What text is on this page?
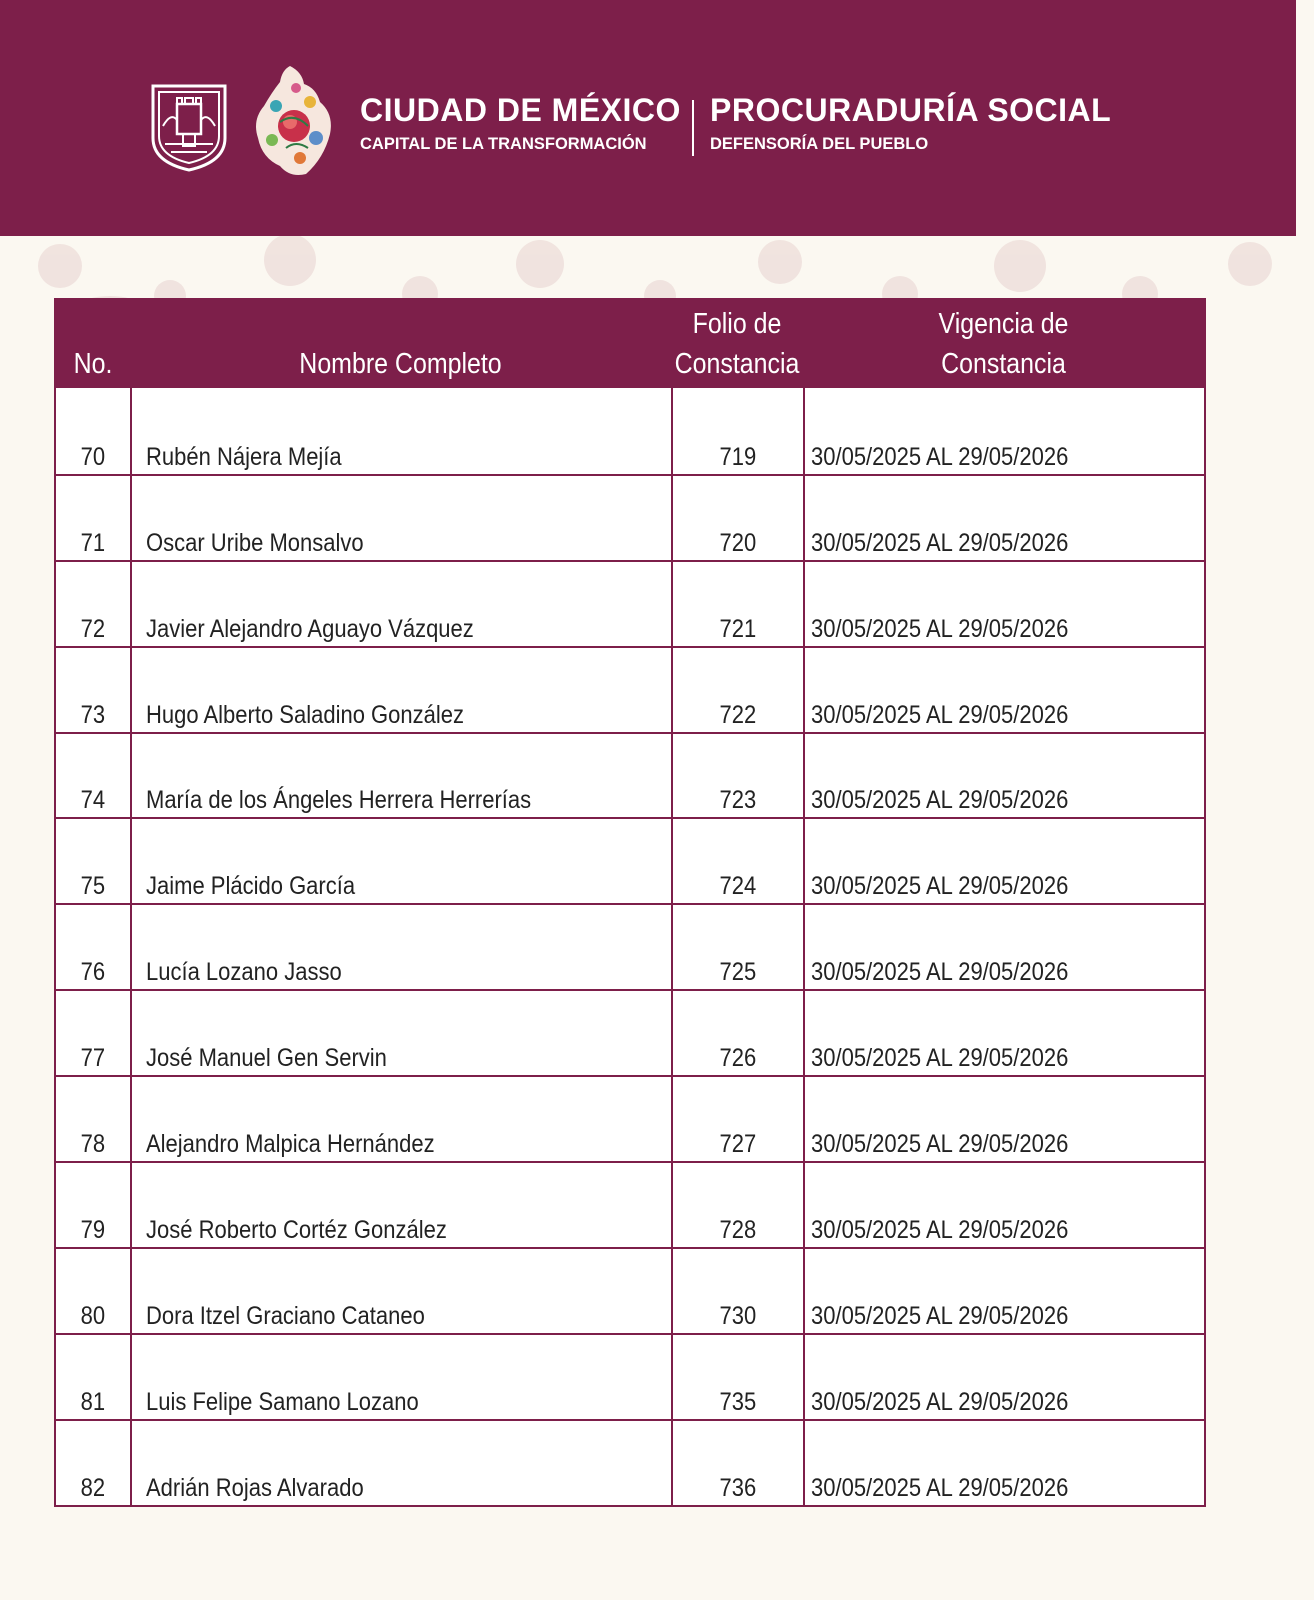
CIUDAD DE MÉXICO
CAPITAL DE LA TRANSFORMACIÓN
PROCURADURÍA SOCIAL
DEFENSORÍA DEL PUEBLO
No.	Nombre Completo
Folio de
Constancia
Vigencia de
Constancia
70 Rubén Nájera Mejía	719 30/05/2025 AL 29/05/2026
71 Oscar Uribe Monsalvo	720 30/05/2025 AL 29/05/2026
72 Javier Alejandro Aguayo Vázquez	721 30/05/2025 AL 29/05/2026
73 Hugo Alberto Saladino González	722 30/05/2025 AL 29/05/2026
74 María de los Ángeles Herrera Herrerías	723 30/05/2025 AL 29/05/2026
75 Jaime Plácido García	724 30/05/2025 AL 29/05/2026
76 Lucía Lozano Jasso	725 30/05/2025 AL 29/05/2026
77 José Manuel Gen Servin	726 30/05/2025 AL 29/05/2026
78 Alejandro Malpica Hernández	727 30/05/2025 AL 29/05/2026
79 José Roberto Cortéz González	728 30/05/2025 AL 29/05/2026
80 Dora Itzel Graciano Cataneo	730 30/05/2025 AL 29/05/2026
81 Luis Felipe Samano Lozano	735 30/05/2025 AL 29/05/2026
82 Adrián Rojas Alvarado	736 30/05/2025 AL 29/05/2026
